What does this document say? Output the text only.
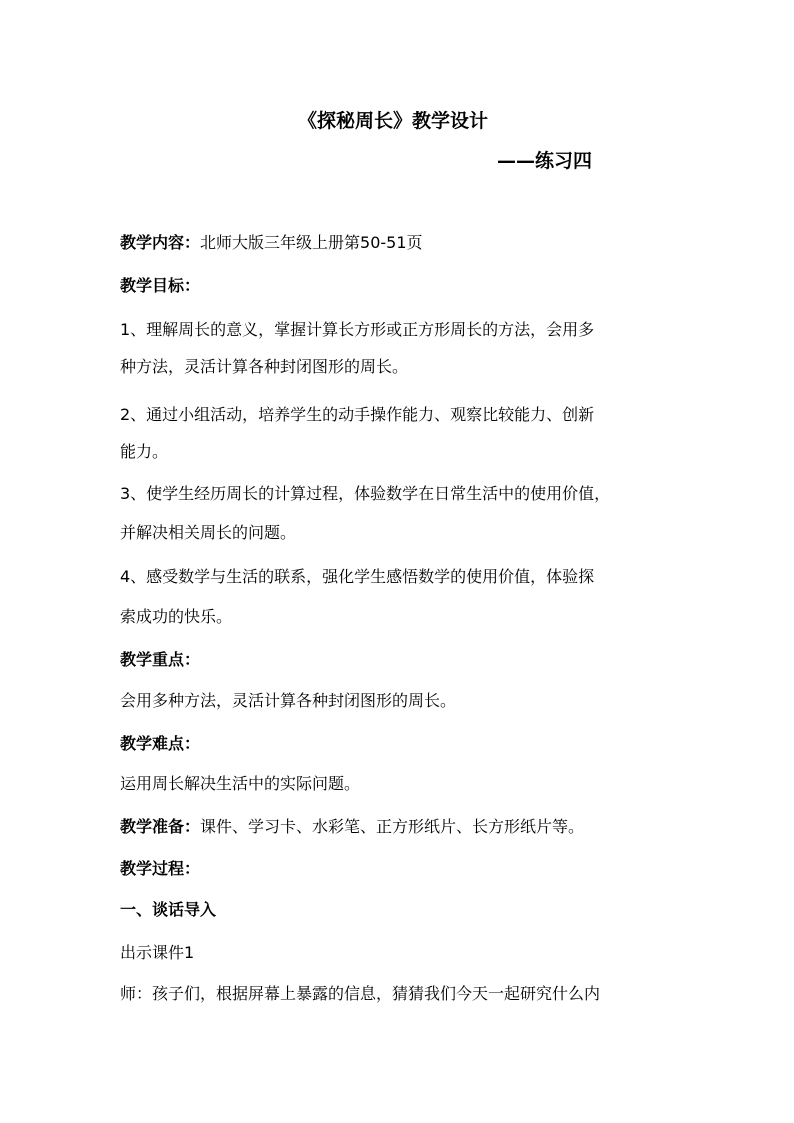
《探秘周长》教学设计
——练习四
教学内容：北师大版三年级上册第50-51页
教学目标：
1、理解周长的意义，掌握计算长方形或正方形周长的方法，会用多
种方法，灵活计算各种封闭图形的周长。
2、通过小组活动，培养学生的动手操作能力、观察比较能力、创新
能力。
3、使学生经历周长的计算过程，体验数学在日常生活中的使用价值，
并解决相关周长的问题。
4、感受数学与生活的联系，强化学生感悟数学的使用价值，体验探
索成功的快乐。
教学重点：
会用多种方法，灵活计算各种封闭图形的周长。
教学难点：
运用周长解决生活中的实际问题。
教学准备：课件、学习卡、水彩笔、正方形纸片、长方形纸片等。
教学过程：
一、谈话导入
出示课件1
师：孩子们，根据屏幕上暴露的信息，猜猜我们今天一起研究什么内
